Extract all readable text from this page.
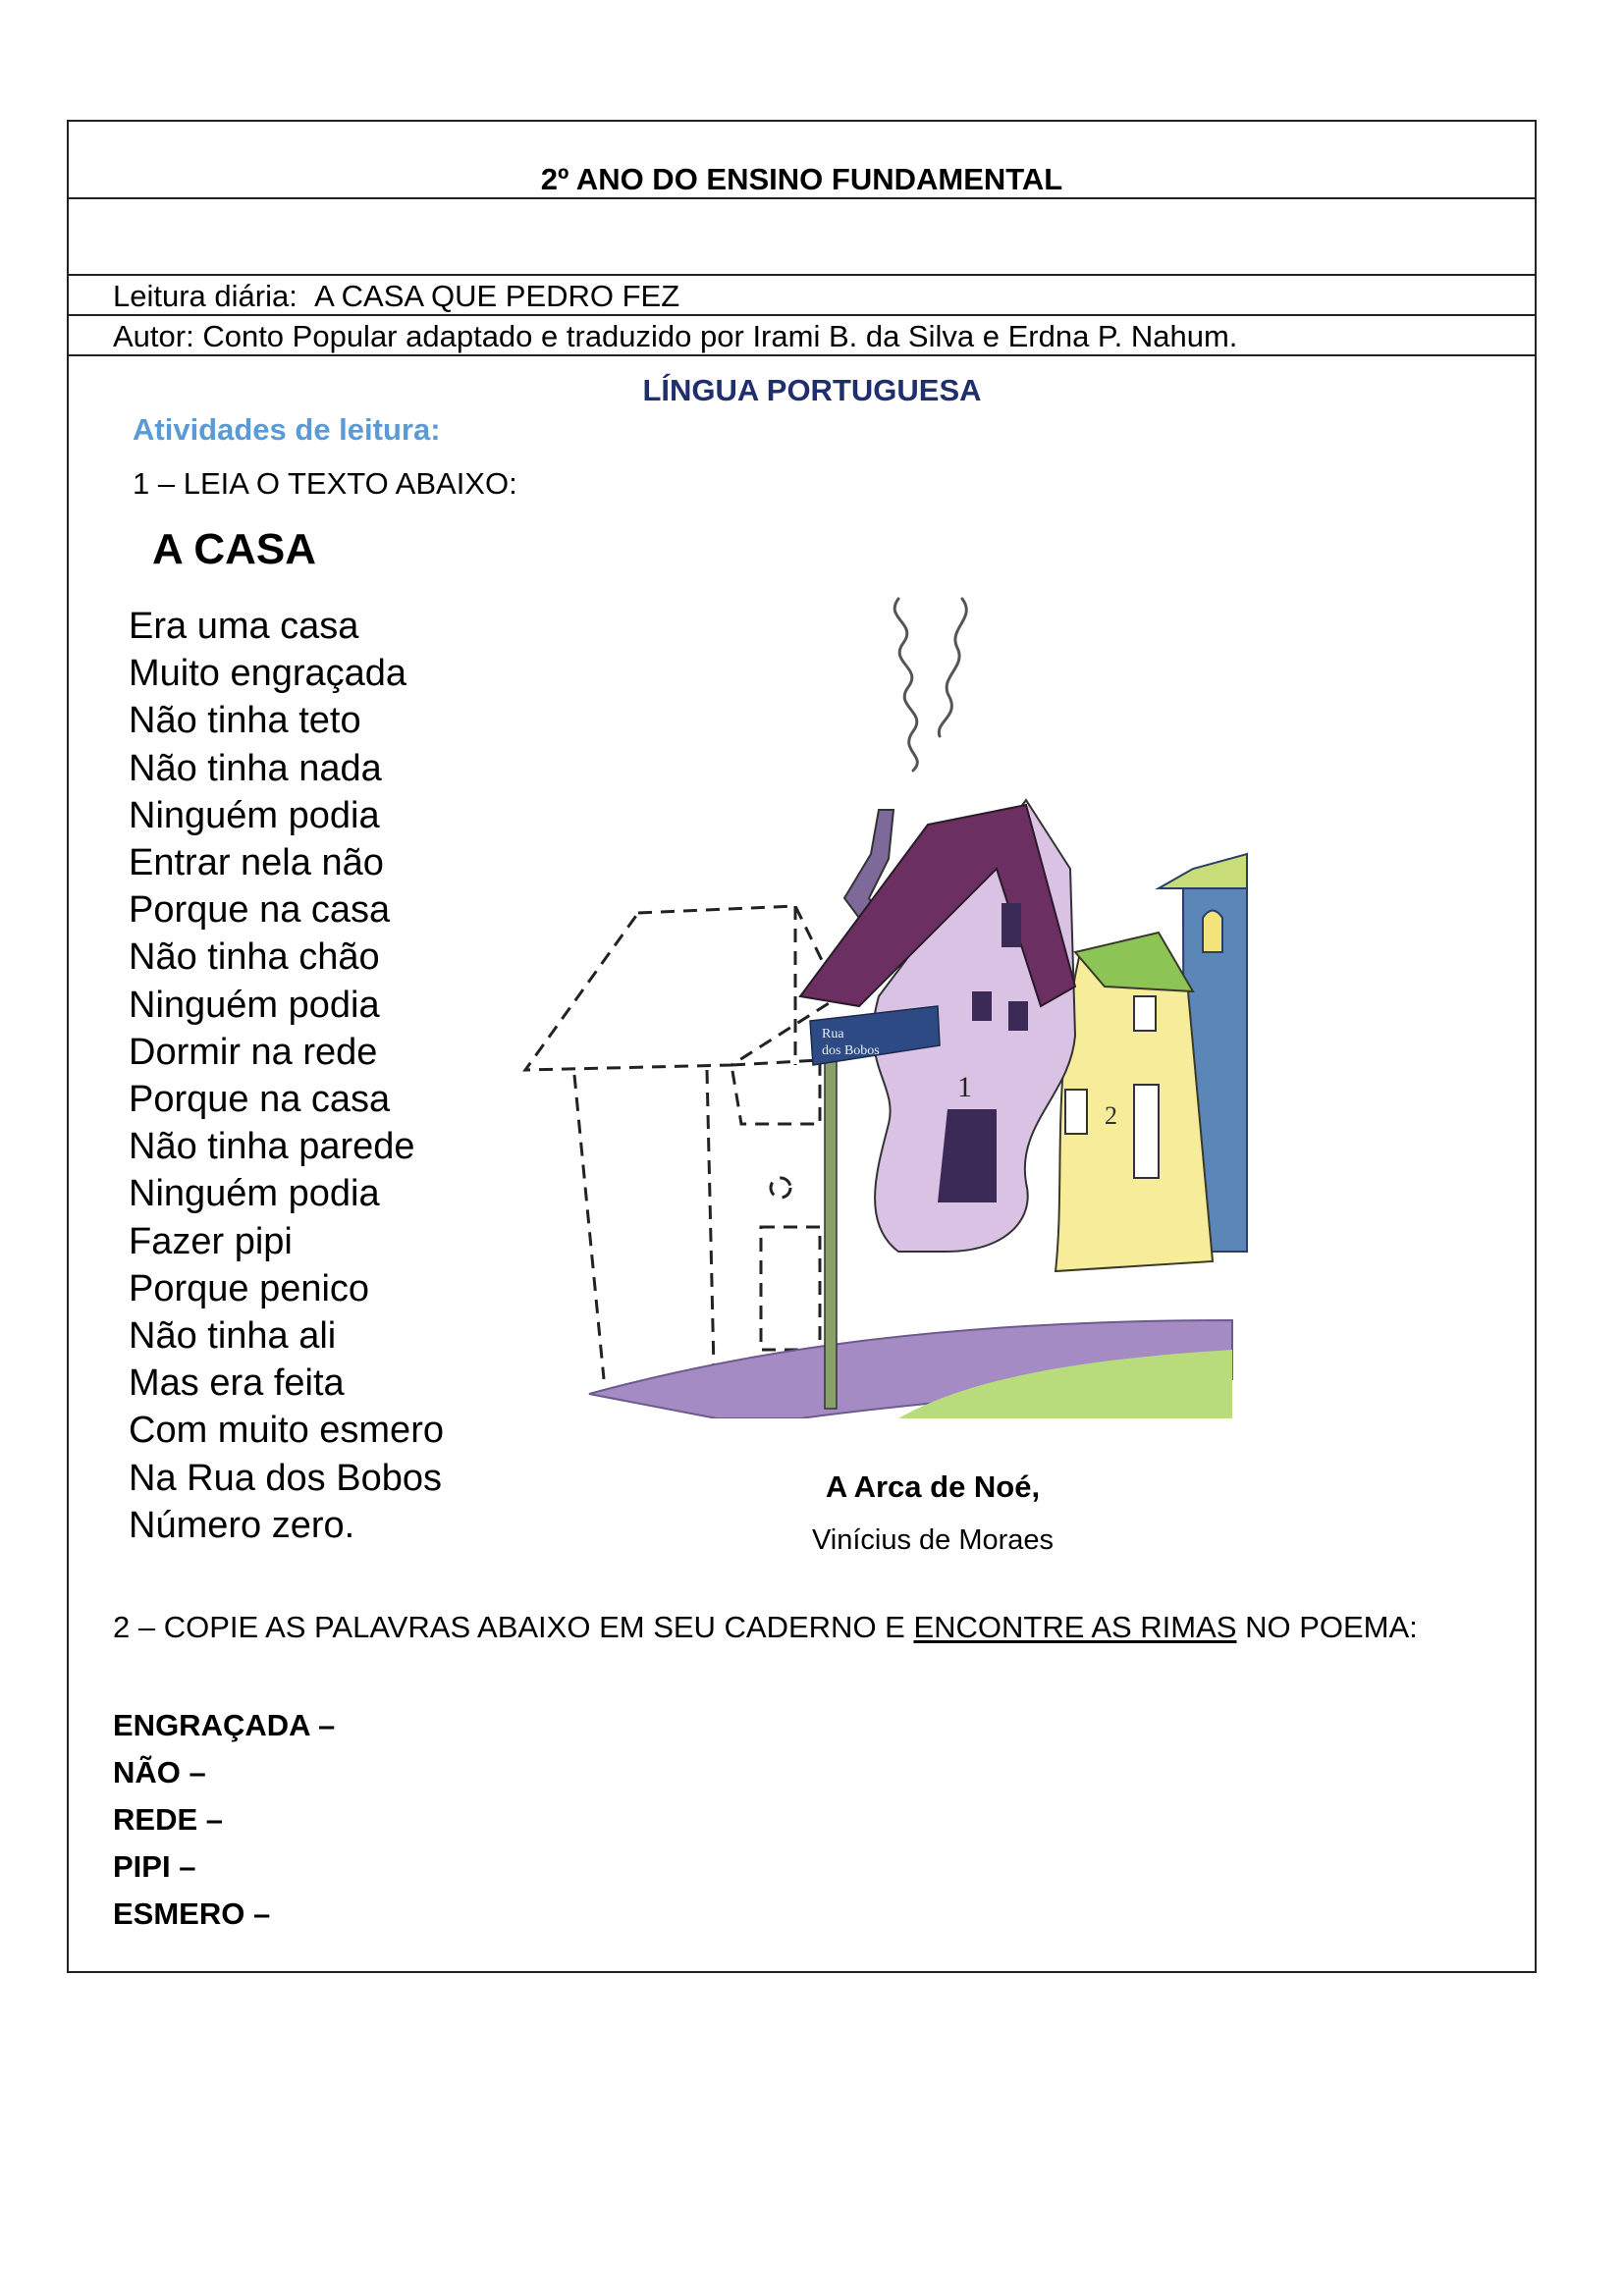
2º ANO DO ENSINO FUNDAMENTAL
Leitura diária: A CASA QUE PEDRO FEZ
Autor: Conto Popular adaptado e traduzido por Irami B. da Silva e Erdna P. Nahum.
LÍNGUA PORTUGUESA
Atividades de leitura:
1 – LEIA O TEXTO ABAIXO:
A CASA
Era uma casa
Muito engraçada
Não tinha teto
Não tinha nada
Ninguém podia
Entrar nela não
Porque na casa
Não tinha chão
Ninguém podia
Dormir na rede
Porque na casa
Não tinha parede
Ninguém podia
Fazer pipi
Porque penico
Não tinha ali
Mas era feita
Com muito esmero
Na Rua dos Bobos
Número zero.
2
1
Rua
dos Bobos
A Arca de Noé,
Vinícius de Moraes
2 – COPIE AS PALAVRAS ABAIXO EM SEU CADERNO E ENCONTRE AS RIMAS NO POEMA:
ENGRAÇADA –
NÃO –
REDE –
PIPI –
ESMERO –
